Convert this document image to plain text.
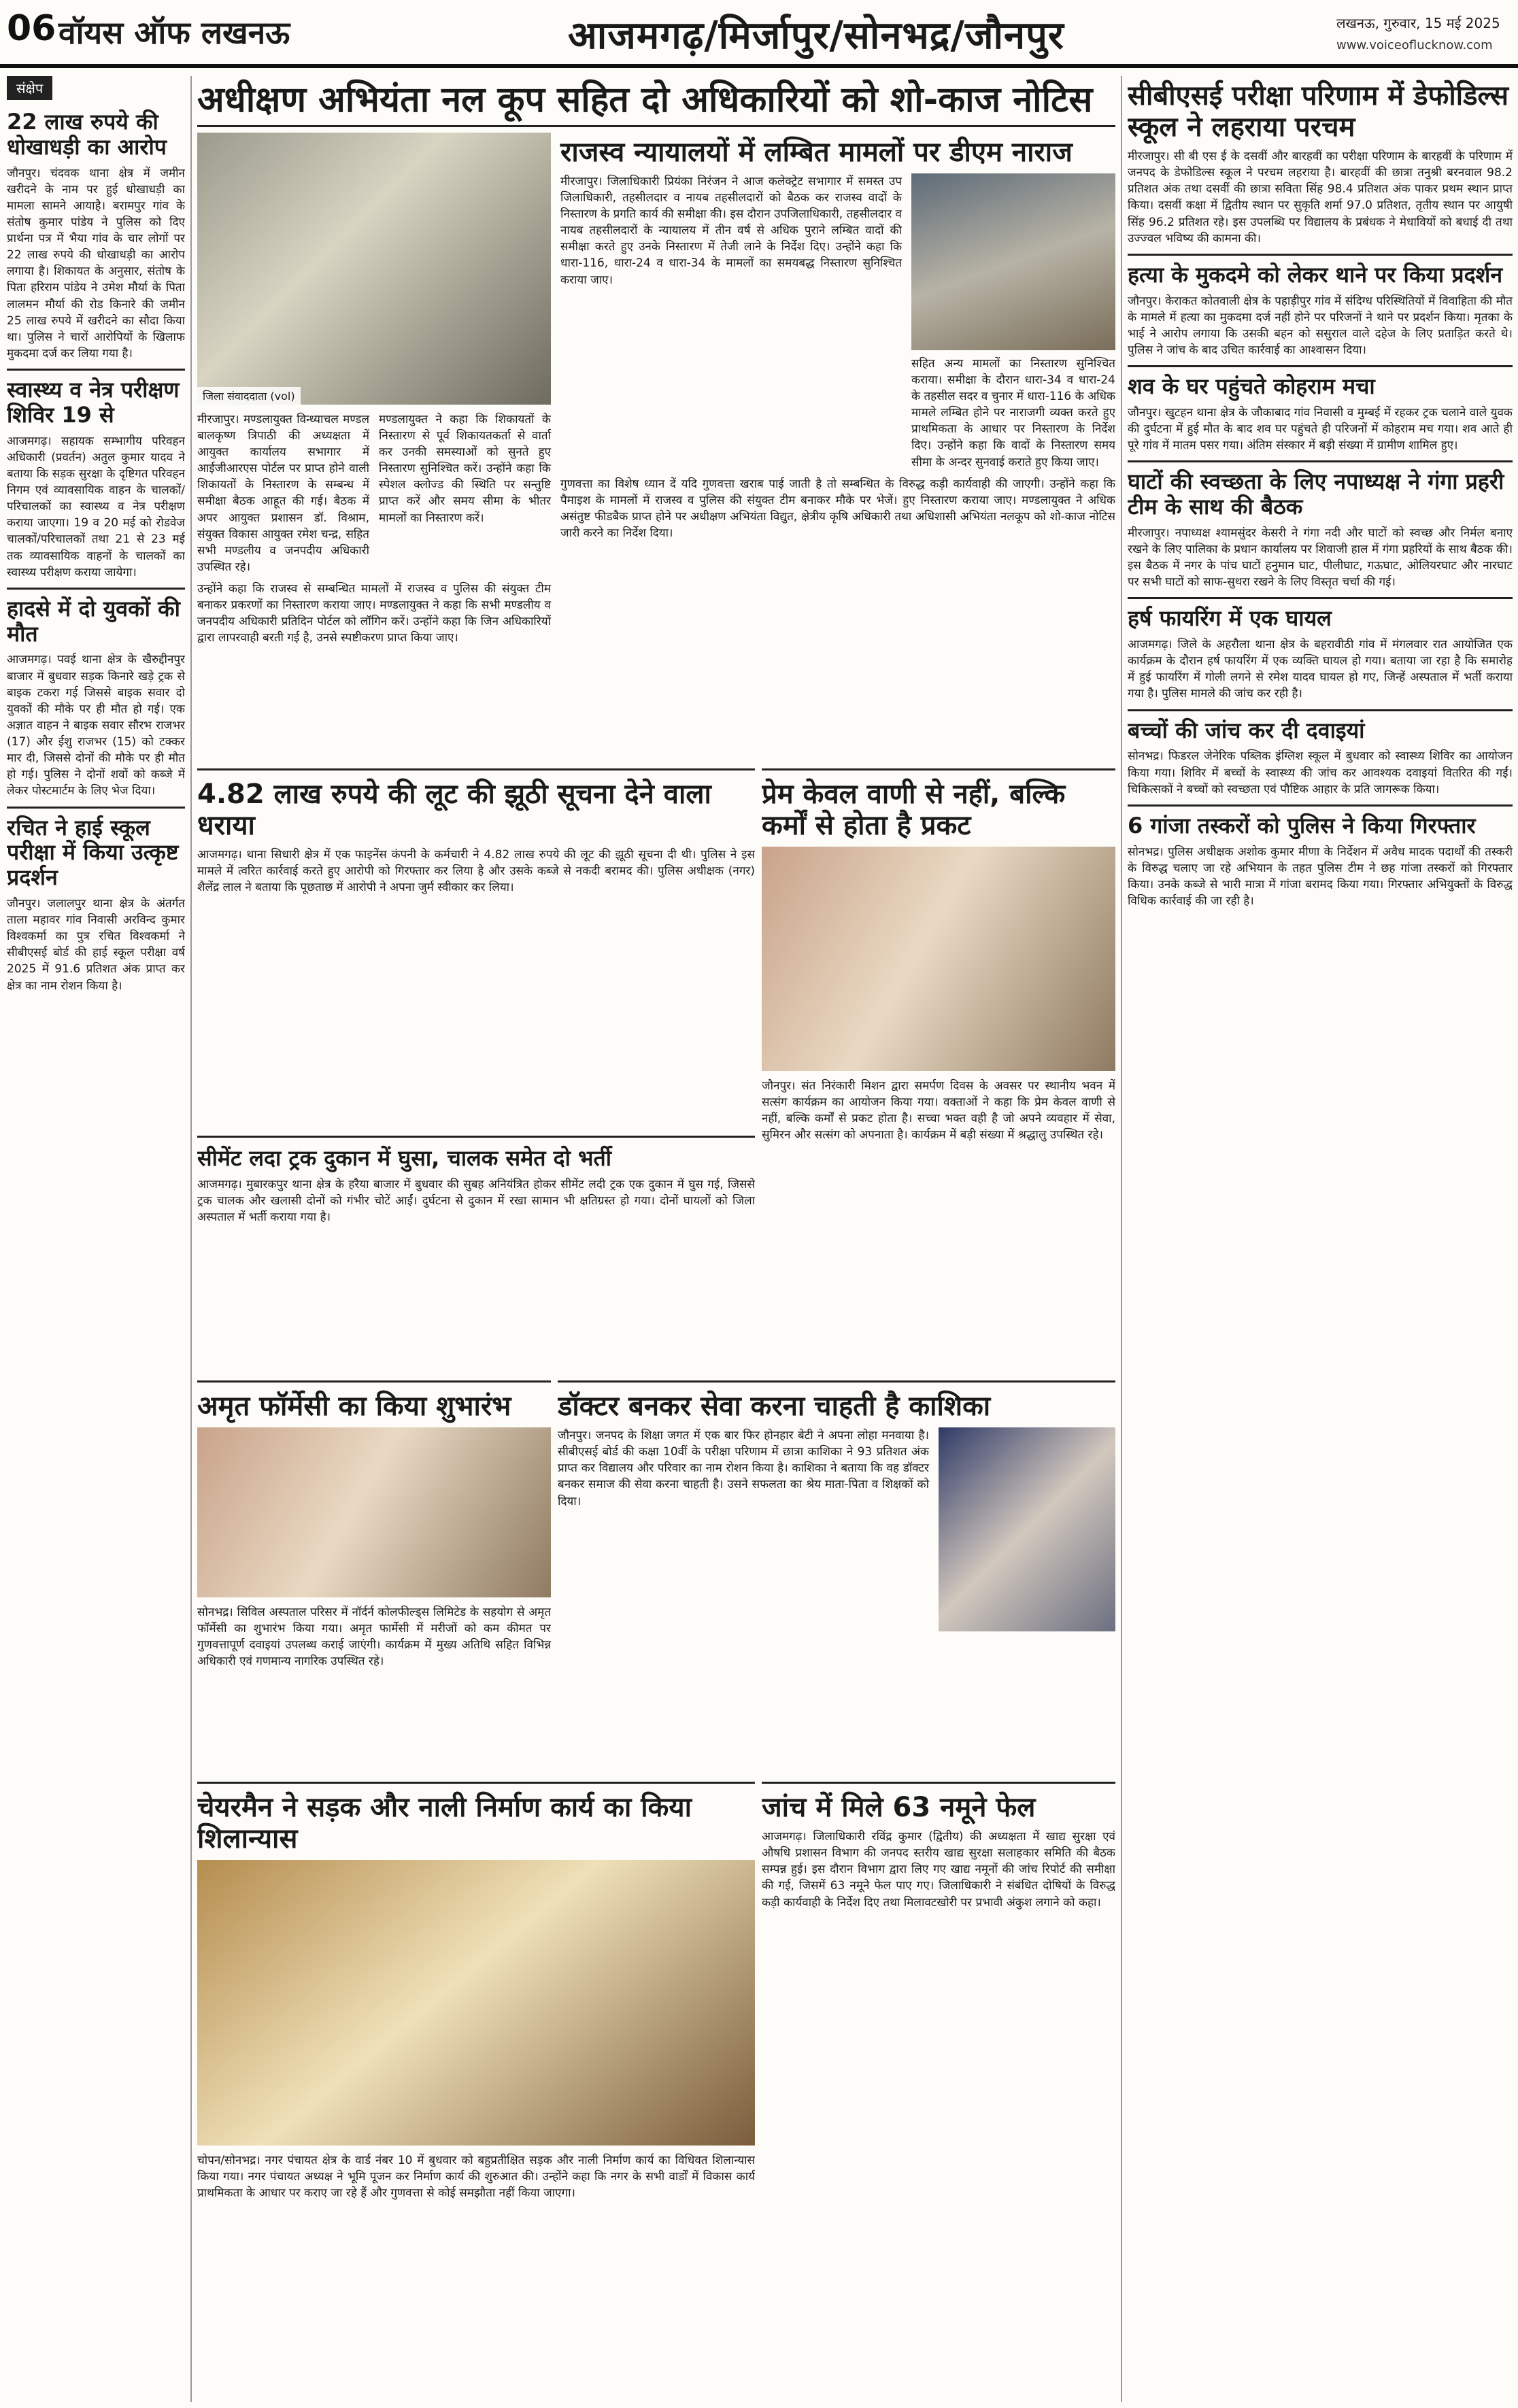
06 वॉयस ऑफ लखनऊ	आजमगढ़/मिर्जापुर/सोनभद्र/जौनपुर	लखनऊ, गुरुवार, 15 मई 2025
www.voiceoflucknow.com
संक्षेप
22 लाख रुपये की धोखाधड़ी का आरोप

जौनपुर। चंदवक थाना क्षेत्र में जमीन खरीदने के नाम पर हुई धोखाधड़ी का मामला सामने आयाहै। बरामपुर गांव के संतोष कुमार पांडेय ने पुलिस को दिए प्रार्थना पत्र में भैया गांव के चार लोगों पर 22 लाख रुपये की धोखाधड़ी का आरोप लगाया है। शिकायत के अनुसार, संतोष के पिता हरिराम पांडेय ने उमेश मौर्या के पिता लालमन मौर्या की रोड किनारे की जमीन 25 लाख रुपये में खरीदने का सौदा किया था। पुलिस ने चारों आरोपियों के खिलाफ मुकदमा दर्ज कर लिया गया है।

स्वास्थ्य व नेत्र परीक्षण शिविर 19 से

आजमगढ़। सहायक सम्भागीय परिवहन अधिकारी (प्रवर्तन) अतुल कुमार यादव ने बताया कि सड़क सुरक्षा के दृष्टिगत परिवहन निगम एवं व्यावसायिक वाहन के चालकों/परिचालकों का स्वास्थ्य व नेत्र परीक्षण कराया जाएगा। 19 व 20 मई को रोडवेज चालकों/परिचालकों तथा 21 से 23 मई तक व्यावसायिक वाहनों के चालकों का स्वास्थ्य परीक्षण कराया जायेगा।

हादसे में दो युवकों की मौत

आजमगढ़। पवई थाना क्षेत्र के खैरुद्दीनपुर बाजार में बुधवार सड़क किनारे खड़े ट्रक से बाइक टकरा गई जिससे बाइक सवार दो युवकों की मौके पर ही मौत हो गई। एक अज्ञात वाहन ने बाइक सवार सौरभ राजभर (17) और ईशु राजभर (15) को टक्कर मार दी, जिससे दोनों की मौके पर ही मौत हो गई। पुलिस ने दोनों शवों को कब्जे में लेकर पोस्टमार्टम के लिए भेज दिया।

रचित ने हाई स्कूल परीक्षा में किया उत्कृष्ट प्रदर्शन

जौनपुर। जलालपुर थाना क्षेत्र के अंतर्गत ताला महावर गांव निवासी अरविन्द कुमार विश्वकर्मा का पुत्र रचित विश्वकर्मा ने सीबीएसई बोर्ड की हाई स्कूल परीक्षा वर्ष 2025 में 91.6 प्रतिशत अंक प्राप्त कर क्षेत्र का नाम रोशन किया है।

अधीक्षण अभियंता नल कूप सहित दो अधिकारियों को शो-काज नोटिस
जिला संवाददाता (vol)

मीरजापुर। मण्डलायुक्त विन्ध्याचल मण्डल बालकृष्ण त्रिपाठी की अध्यक्षता में आयुक्त कार्यालय सभागार में आईजीआरएस पोर्टल पर प्राप्त होने वाली शिकायतों के निस्तारण के सम्बन्ध में समीक्षा बैठक आहूत की गई। बैठक में अपर आयुक्त प्रशासन डॉ. विश्राम, संयुक्त विकास आयुक्त रमेश चन्द्र, सहित सभी मण्डलीय व जनपदीय अधिकारी उपस्थित रहे।

मण्डलायुक्त ने कहा कि शिकायतों के निस्तारण से पूर्व शिकायतकर्ता से वार्ता कर उनकी समस्याओं को सुनते हुए निस्तारण सुनिश्चित करें। उन्होंने कहा कि स्पेशल क्लोज्ड की स्थिति पर सन्तुष्टि प्राप्त करें और समय सीमा के भीतर मामलों का निस्तारण करें।

उन्होंने कहा कि राजस्व से सम्बन्धित मामलों में राजस्व व पुलिस की संयुक्त टीम बनाकर प्रकरणों का निस्तारण कराया जाए। मण्डलायुक्त ने कहा कि सभी मण्डलीय व जनपदीय अधिकारी प्रतिदिन पोर्टल को लॉगिन करें। उन्होंने कहा कि जिन अधिकारियों द्वारा लापरवाही बरती गई है, उनसे स्पष्टीकरण प्राप्त किया जाए।

राजस्व न्यायालयों में लम्बित मामलों पर डीएम नाराज

मीरजापुर। जिलाधिकारी प्रियंका निरंजन ने आज कलेक्ट्रेट सभागार में समस्त उप जिलाधिकारी, तहसीलदार व नायब तहसीलदारों को बैठक कर राजस्व वादों के निस्तारण के प्रगति कार्य की समीक्षा की। इस दौरान उपजिलाधिकारी, तहसीलदार व नायब तहसीलदारों के न्यायालय में तीन वर्ष से अधिक पुराने लम्बित वादों की समीक्षा करते हुए उनके निस्तारण में तेजी लाने के निर्देश दिए। उन्होंने कहा कि धारा-116, धारा-24 व धारा-34 के मामलों का समयबद्ध निस्तारण सुनिश्चित कराया जाए।

सहित अन्य मामलों का निस्तारण सुनिश्चित कराया। समीक्षा के दौरान धारा-34 व धारा-24 के तहसील सदर व चुनार में धारा-116 के अधिक मामले लम्बित होने पर नाराजगी व्यक्त करते हुए प्राथमिकता के आधार पर निस्तारण के निर्देश दिए। उन्होंने कहा कि वादों के निस्तारण समय सीमा के अन्दर सुनवाई कराते हुए किया जाए।

गुणवत्ता का विशेष ध्यान दें यदि गुणवत्ता खराब पाई जाती है तो सम्बन्धित के विरुद्ध कड़ी कार्यवाही की जाएगी। उन्होंने कहा कि पैमाइश के मामलों में राजस्व व पुलिस की संयुक्त टीम बनाकर मौके पर भेजें। हुए निस्तारण कराया जाए। मण्डलायुक्त ने अधिक असंतुष्ट फीडबैक प्राप्त होने पर अधीक्षण अभियंता विद्युत, क्षेत्रीय कृषि अधिकारी तथा अधिशासी अभियंता नलकूप को शो-काज नोटिस जारी करने का निर्देश दिया।

सीबीएसई परीक्षा परिणाम में डेफोडिल्स स्कूल ने लहराया परचम

मीरजापुर। सी बी एस ई के दसवीं और बारहवीं का परीक्षा परिणाम के बारहवीं के परिणाम में जनपद के डेफोडिल्स स्कूल ने परचम लहराया है। बारहवीं की छात्रा तनुश्री बरनवाल 98.2 प्रतिशत अंक तथा दसवीं की छात्रा सविता सिंह 98.4 प्रतिशत अंक पाकर प्रथम स्थान प्राप्त किया। दसवीं कक्षा में द्वितीय स्थान पर सुकृति शर्मा 97.0 प्रतिशत, तृतीय स्थान पर आयुषी सिंह 96.2 प्रतिशत रहे। इस उपलब्धि पर विद्यालय के प्रबंधक ने मेधावियों को बधाई दी तथा उज्ज्वल भविष्य की कामना की।

हत्या के मुकदमे को लेकर थाने पर किया प्रदर्शन

जौनपुर। केराकत कोतवाली क्षेत्र के पहाड़ीपुर गांव में संदिग्ध परिस्थितियों में विवाहिता की मौत के मामले में हत्या का मुकदमा दर्ज नहीं होने पर परिजनों ने थाने पर प्रदर्शन किया। मृतका के भाई ने आरोप लगाया कि उसकी बहन को ससुराल वाले दहेज के लिए प्रताड़ित करते थे। पुलिस ने जांच के बाद उचित कार्रवाई का आश्वासन दिया।

शव के घर पहुंचते कोहराम मचा

जौनपुर। खुटहन थाना क्षेत्र के जौकाबाद गांव निवासी व मुम्बई में रहकर ट्रक चलाने वाले युवक की दुर्घटना में हुई मौत के बाद शव घर पहुंचते ही परिजनों में कोहराम मच गया। शव आते ही पूरे गांव में मातम पसर गया। अंतिम संस्कार में बड़ी संख्या में ग्रामीण शामिल हुए।

घाटों की स्वच्छता के लिए नपाध्यक्ष ने गंगा प्रहरी टीम के साथ की बैठक

मीरजापुर। नपाध्यक्ष श्यामसुंदर केसरी ने गंगा नदी और घाटों को स्वच्छ और निर्मल बनाए रखने के लिए पालिका के प्रधान कार्यालय पर शिवाजी हाल में गंगा प्रहरियों के साथ बैठक की। इस बैठक में नगर के पांच घाटों हनुमान घाट, पीलीघाट, गऊघाट, ओलियरघाट और नारघाट पर सभी घाटों को साफ-सुथरा रखने के लिए विस्तृत चर्चा की गई।

हर्ष फायरिंग में एक घायल

आजमगढ़। जिले के अहरौला थाना क्षेत्र के बहरावीठी गांव में मंगलवार रात आयोजित एक कार्यक्रम के दौरान हर्ष फायरिंग में एक व्यक्ति घायल हो गया। बताया जा रहा है कि समारोह में हुई फायरिंग में गोली लगने से रमेश यादव घायल हो गए, जिन्हें अस्पताल में भर्ती कराया गया है। पुलिस मामले की जांच कर रही है।

बच्चों की जांच कर दी दवाइयां

सोनभद्र। फिडरल जेनेरिक पब्लिक इंग्लिश स्कूल में बुधवार को स्वास्थ्य शिविर का आयोजन किया गया। शिविर में बच्चों के स्वास्थ्य की जांच कर आवश्यक दवाइयां वितरित की गईं। चिकित्सकों ने बच्चों को स्वच्छता एवं पौष्टिक आहार के प्रति जागरूक किया।

6 गांजा तस्करों को पुलिस ने किया गिरफ्तार

सोनभद्र। पुलिस अधीक्षक अशोक कुमार मीणा के निर्देशन में अवैध मादक पदार्थों की तस्करी के विरुद्ध चलाए जा रहे अभियान के तहत पुलिस टीम ने छह गांजा तस्करों को गिरफ्तार किया। उनके कब्जे से भारी मात्रा में गांजा बरामद किया गया। गिरफ्तार अभियुक्तों के विरुद्ध विधिक कार्रवाई की जा रही है।

4.82 लाख रुपये की लूट की झूठी सूचना देने वाला धराया

आजमगढ़। थाना सिधारी क्षेत्र में एक फाइनेंस कंपनी के कर्मचारी ने 4.82 लाख रुपये की लूट की झूठी सूचना दी थी। पुलिस ने इस मामले में त्वरित कार्रवाई करते हुए आरोपी को गिरफ्तार कर लिया है और उसके कब्जे से नकदी बरामद की। पुलिस अधीक्षक (नगर) शैलेंद्र लाल ने बताया कि पूछताछ में आरोपी ने अपना जुर्म स्वीकार कर लिया।

प्रेम केवल वाणी से नहीं, बल्कि कर्मों से होता है प्रकट

जौनपुर। संत निरंकारी मिशन द्वारा समर्पण दिवस के अवसर पर स्थानीय भवन में सत्संग कार्यक्रम का आयोजन किया गया। वक्ताओं ने कहा कि प्रेम केवल वाणी से नहीं, बल्कि कर्मों से प्रकट होता है। सच्चा भक्त वही है जो अपने व्यवहार में सेवा, सुमिरन और सत्संग को अपनाता है। कार्यक्रम में बड़ी संख्या में श्रद्धालु उपस्थित रहे।

सीमेंट लदा ट्रक दुकान में घुसा, चालक समेत दो भर्ती

आजमगढ़। मुबारकपुर थाना क्षेत्र के हरैया बाजार में बुधवार की सुबह अनियंत्रित होकर सीमेंट लदी ट्रक एक दुकान में घुस गई, जिससे ट्रक चालक और खलासी दोनों को गंभीर चोटें आईं। दुर्घटना से दुकान में रखा सामान भी क्षतिग्रस्त हो गया। दोनों घायलों को जिला अस्पताल में भर्ती कराया गया है।

अमृत फॉर्मेसी का किया शुभारंभ

सोनभद्र। सिविल अस्पताल परिसर में नॉर्दर्न कोलफील्ड्स लिमिटेड के सहयोग से अमृत फॉर्मेसी का शुभारंभ किया गया। अमृत फार्मेसी में मरीजों को कम कीमत पर गुणवत्तापूर्ण दवाइयां उपलब्ध कराई जाएंगी। कार्यक्रम में मुख्य अतिथि सहित विभिन्न अधिकारी एवं गणमान्य नागरिक उपस्थित रहे।

डॉक्टर बनकर सेवा करना चाहती है काशिका

जौनपुर। जनपद के शिक्षा जगत में एक बार फिर होनहार बेटी ने अपना लोहा मनवाया है। सीबीएसई बोर्ड की कक्षा 10वीं के परीक्षा परिणाम में छात्रा काशिका ने 93 प्रतिशत अंक प्राप्त कर विद्यालय और परिवार का नाम रोशन किया है। काशिका ने बताया कि वह डॉक्टर बनकर समाज की सेवा करना चाहती है। उसने सफलता का श्रेय माता-पिता व शिक्षकों को दिया।

चेयरमैन ने सड़क और नाली निर्माण कार्य का किया शिलान्यास

चोपन/सोनभद्र। नगर पंचायत क्षेत्र के वार्ड नंबर 10 में बुधवार को बहुप्रतीक्षित सड़क और नाली निर्माण कार्य का विधिवत शिलान्यास किया गया। नगर पंचायत अध्यक्ष ने भूमि पूजन कर निर्माण कार्य की शुरुआत की। उन्होंने कहा कि नगर के सभी वार्डों में विकास कार्य प्राथमिकता के आधार पर कराए जा रहे हैं और गुणवत्ता से कोई समझौता नहीं किया जाएगा।

जांच में मिले 63 नमूने फेल

आजमगढ़। जिलाधिकारी रविंद्र कुमार (द्वितीय) की अध्यक्षता में खाद्य सुरक्षा एवं औषधि प्रशासन विभाग की जनपद स्तरीय खाद्य सुरक्षा सलाहकार समिति की बैठक सम्पन्न हुई। इस दौरान विभाग द्वारा लिए गए खाद्य नमूनों की जांच रिपोर्ट की समीक्षा की गई, जिसमें 63 नमूने फेल पाए गए। जिलाधिकारी ने संबंधित दोषियों के विरुद्ध कड़ी कार्यवाही के निर्देश दिए तथा मिलावटखोरी पर प्रभावी अंकुश लगाने को कहा।
